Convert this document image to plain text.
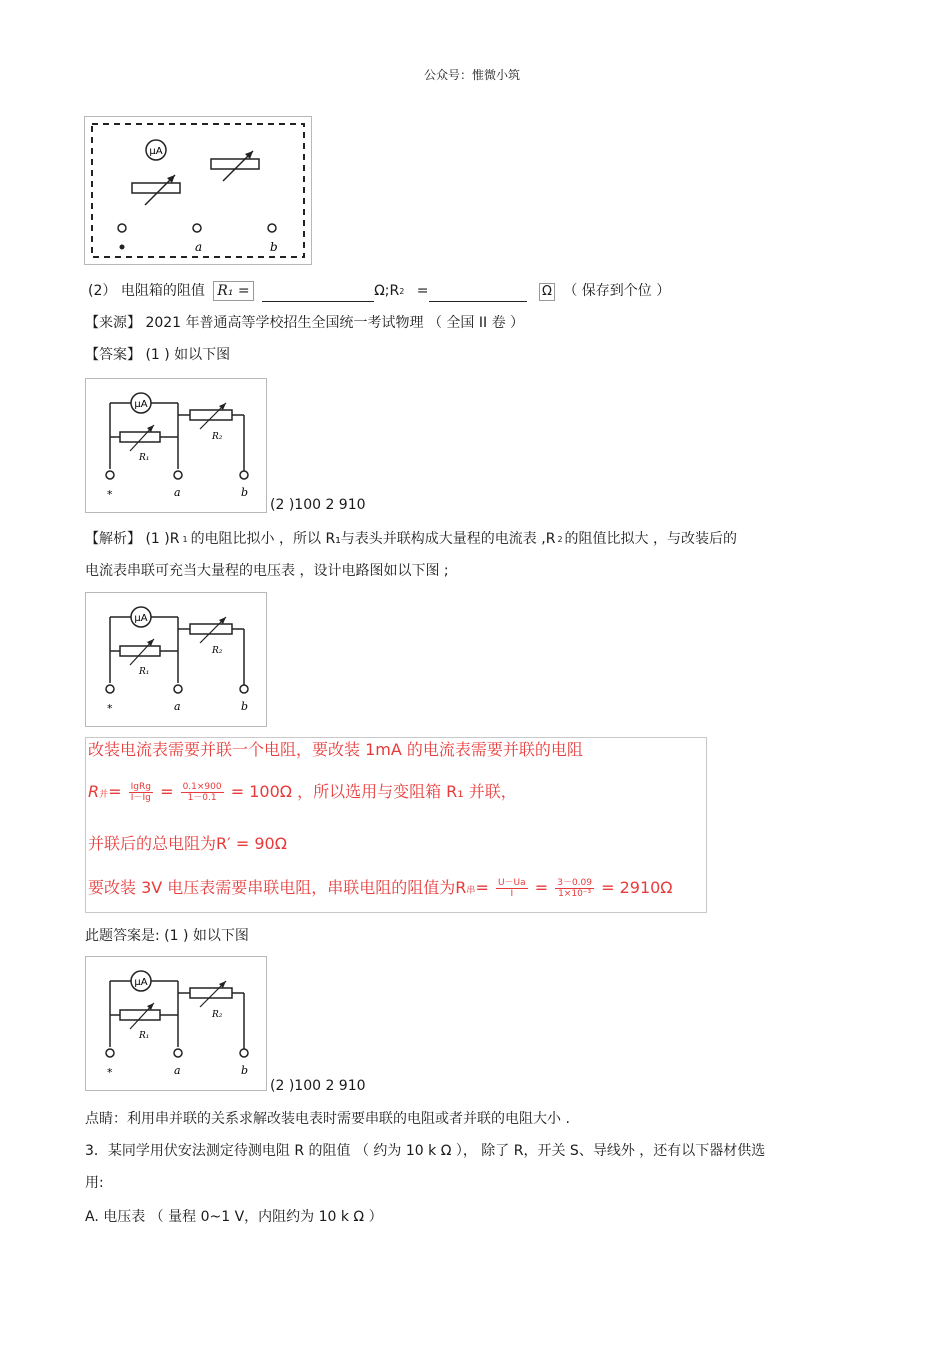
公众号：惟微小筑
μA
a	b
(2） 电阻箱的阻值 R₁ =	Ω;R2 =	Ω （ 保存到个位 ）
【来源】 2021 年普通高等学校招生全国统一考试物理 （ 全国 II 卷 ）
【答案】 (1 ) 如以下图
μA
R₁
R₂
*	a	b
(2 )100 2 910
【解析】 (1 )R 1 的电阻比拟小 ，所以 R₁与表头并联构成大量程的电流表 ,R 2 的阻值比拟大 ，与改装后的
电流表串联可充当大量程的电压表 ，设计电路图如以下图 ;
μA
R₁
R₂
*	a	b
改装电流表需要并联一个电阻，要改装 1mA 的电流表需要并联的电阻
R并= $\frac{\text{IgRg}}{I-Ig} = \frac{0.1\times 900}{1-0.1} = 100\Omega$ ，所以选用与变阻箱 R₁ 并联，
并联后的总电阻为R′ = 90Ω
要改装 3V 电压表需要串联电阻，串联电阻的阻值为R串= $\frac{U-Ua}{I} = \frac{3-0.09}{\text{1×10⁻³}} = 2910\Omega$
此题答案是: (1 ) 如以下图
μA
R₁
R₂
*	a	b
(2 )100 2 910
点睛：利用串并联的关系求解改装电表时需要串联的电阻或者并联的电阻大小 .
3．某同学用伏安法测定待测电阻 R 的阻值 （ 约为 10 k Ω ）， 除了 R，开关 S、导线外 ，还有以下器材供选
用:
A. 电压表 （ 量程 0~1 V，内阻约为 10 k Ω ）
